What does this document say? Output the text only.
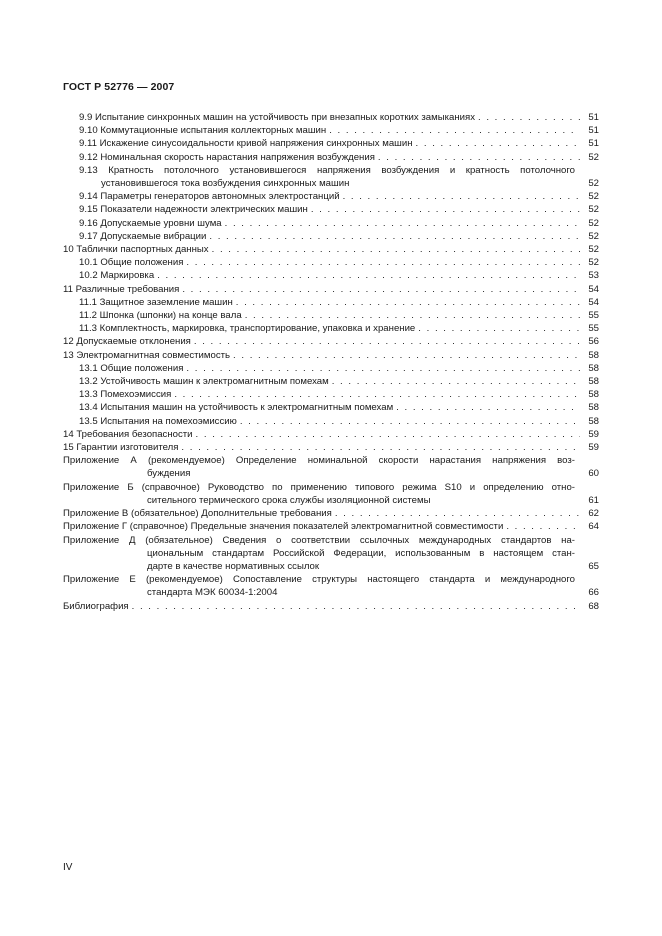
ГОСТ Р 52776 — 2007
9.9 Испытание синхронных машин на устойчивость при внезапных коротких замыканиях . . .	51
9.10 Коммутационные испытания коллекторных машин . . .	51
9.11 Искажение синусоидальности кривой напряжения синхронных машин . . .	51
9.12 Номинальная скорость нарастания напряжения возбуждения . . .	52
9.13 Кратность потолочного установившегося напряжения возбуждения и кратность потолочного
установившегося тока возбуждения синхронных машин	52
9.14 Параметры генераторов автономных электростанций . . .	52
9.15 Показатели надежности электрических машин . . .	52
9.16 Допускаемые уровни шума . . .	52
9.17 Допускаемые вибрации . . .	52
10 Таблички паспортных данных . . .	52
10.1 Общие положения . . .	52
10.2 Маркировка . . .	53
11 Различные требования . . .	54
11.1 Защитное заземление машин . . .	54
11.2 Шпонка (шпонки) на конце вала . . .	55
11.3 Комплектность, маркировка, транспортирование, упаковка и хранение . . .	55
12 Допускаемые отклонения . . .	56
13 Электромагнитная совместимость . . .	58
13.1 Общие положения . . .	58
13.2 Устойчивость машин к электромагнитным помехам . . .	58
13.3 Помехоэмиссия . . .	58
13.4 Испытания машин на устойчивость к электромагнитным помехам . . .	58
13.5 Испытания на помехоэмиссию . . .	58
14 Требования безопасности . . .	59
15 Гарантии изготовителя . . .	59
Приложение А (рекомендуемое) Определение номинальной скорости нарастания напряжения воз-
буждения	60
Приложение Б (справочное) Руководство по применению типового режима S10 и определению отно-
сительного термического срока службы изоляционной системы	61
Приложение В (обязательное) Дополнительные требования . . .	62
Приложение Г (справочное) Предельные значения показателей электромагнитной совместимости . . .	64
Приложение Д (обязательное) Сведения о соответствии ссылочных международных стандартов на-
циональным стандартам Российской Федерации, использованным в настоящем стан-
дарте в качестве нормативных ссылок	65
Приложение Е (рекомендуемое) Сопоставление структуры настоящего стандарта и международного
стандарта МЭК 60034-1:2004	66
Библиография . . .	68
IV
